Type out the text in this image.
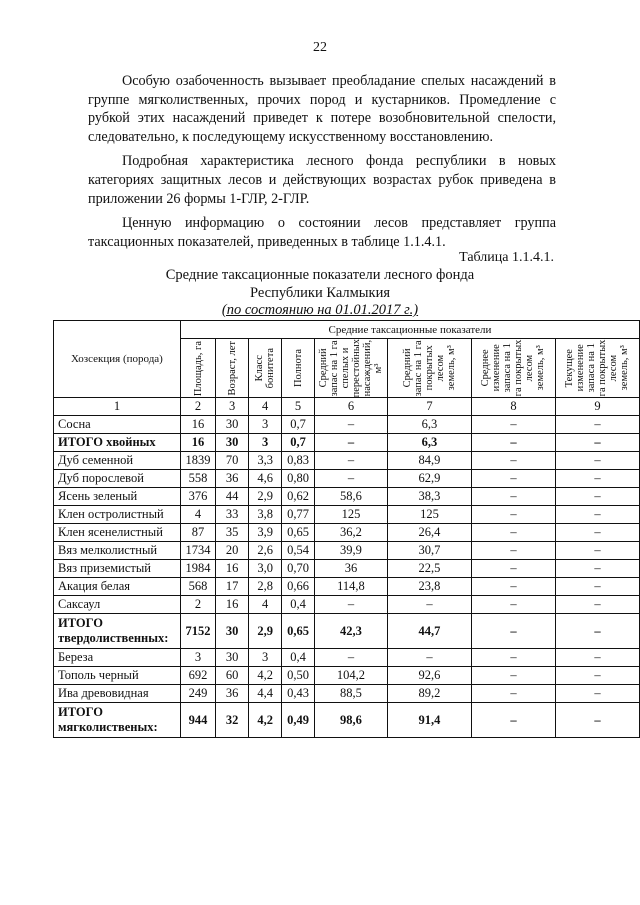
22

Особую озабоченность вызывает преобладание спелых насаждений в группе мягколиственных, прочих пород и кустарников. Промедление с рубкой этих насаждений приведет к потере возобновительной спелости, следовательно, к последующему искусственному восстановлению.

Подробная характеристика лесного фонда республики в новых категориях защитных лесов и действующих возрастах рубок приведена в приложении 26 формы 1-ГЛР, 2-ГЛР.

Ценную информацию о состоянии лесов представляет группа таксационных показателей, приведенных в таблице 1.1.4.1.

Таблица 1.1.4.1.
Средние таксационные показатели лесного фонда
Республики Калмыкия
(по состоянию на 01.01.2017 г.)
Хозсекция (порода)	Средние таксационные показатели							

	Площадь, га	Возраст, лет	Класс бонитета	Полнота	Средний запас на 1 га спелых и перестойных насаждений, м³	Средний запас на 1 га покрытых лесом земель, м³	Среднее изменение запаса на 1 га покрытых лесом земель, м³	Текущее изменение запаса на 1 га покрытых лесом земель, м³

1	2	3	4	5	6	7	8	9
Сосна	16	30	3	0,7	–	6,3	–	–
ИТОГО хвойных	16	30	3	0,7	–	6,3	–	–
Дуб семенной	1839	70	3,3	0,83	–	84,9	–	–
Дуб порослевой	558	36	4,6	0,80	–	62,9	–	–
Ясень зеленый	376	44	2,9	0,62	58,6	38,3	–	–
Клен остролистный	4	33	3,8	0,77	125	125	–	–
Клен ясенелистный	87	35	3,9	0,65	36,2	26,4	–	–
Вяз мелколистный	1734	20	2,6	0,54	39,9	30,7	–	–
Вяз приземистый	1984	16	3,0	0,70	36	22,5	–	–
Акация белая	568	17	2,8	0,66	114,8	23,8	–	–
Саксаул	2	16	4	0,4	–	–	–	–
ИТОГО твердолиственных:	7152	30	2,9	0,65	42,3	44,7	–	–
Береза	3	30	3	0,4	–	–	–	–
Тополь черный	692	60	4,2	0,50	104,2	92,6	–	–
Ива древовидная	249	36	4,4	0,43	88,5	89,2	–	–
ИТОГО мягколиственых:	944	32	4,2	0,49	98,6	91,4	–	–
